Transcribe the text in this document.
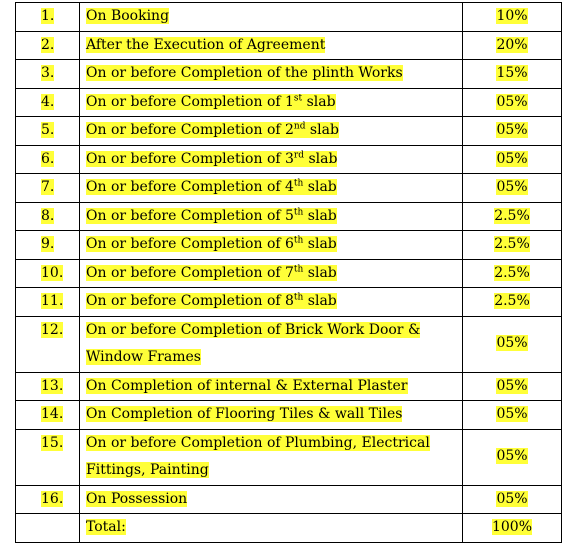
1.	On Booking	10%
2.	After the Execution of Agreement	20%
3.	On or before Completion of the plinth Works	15%
4.	On or before Completion of 1st slab	05%
5.	On or before Completion of 2nd slab	05%
6.	On or before Completion of 3rd slab	05%
7.	On or before Completion of 4th slab	05%
8.	On or before Completion of 5th slab	2.5%
9.	On or before Completion of 6th slab	2.5%
10.	On or before Completion of 7th slab	2.5%
11.	On or before Completion of 8th slab	2.5%
12.	On or before Completion of Brick Work Door & Window Frames	05%
13.	On Completion of internal & External Plaster	05%
14.	On Completion of Flooring Tiles & wall Tiles	05%
15.	On or before Completion of Plumbing, Electrical Fittings, Painting	05%
16.	On Possession	05%
	Total:	100%
